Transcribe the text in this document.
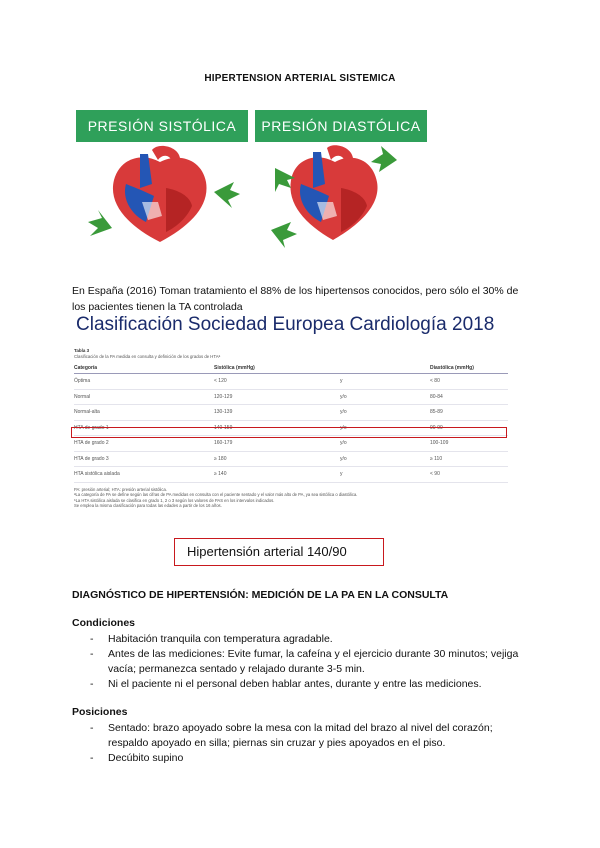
HIPERTENSION ARTERIAL SISTEMICA
PRESIÓN SISTÓLICA	PRESIÓN DIASTÓLICA
En España (2016) Toman tratamiento el 88% de los hipertensos conocidos, pero sólo el 30% de los pacientes tienen la TA controlada
Clasificación Sociedad Europea Cardiología 2018
Tabla 3
Clasificación de la PA medida en consulta y definición de los grados de HTAª
Categoría	Sistólica (mmHg)		Diastólica (mmHg)
Óptima	< 120	y	< 80
Normal	120-129	y/o	80-84
Normal-alta	130-139	y/o	85-89
HTA de grado 1	140-159	y/o	90-99
HTA de grado 2	160-179	y/o	100-109
HTA de grado 3	≥ 180	y/o	≥ 110
HTA sistólica aislada	≥ 140	y	< 90
PA: presión arterial; HTA: presión arterial sistólica.
ªLa categoría de PA se define según las cifras de PA medidas en consulta con el paciente sentado y el valor más alto de PA, ya sea sistólica o diastólica.
ᵇLa HTA sistólica aislada se clasifica en grado 1, 2 o 3 según los valores de PAS en los intervalos indicados.
Se emplea la misma clasificación para todas las edades a partir de los 16 años.
Hipertensión arterial 140/90
DIAGNÓSTICO DE HIPERTENSIÓN: MEDICIÓN DE LA PA EN LA CONSULTA
Condiciones
- Habitación tranquila con temperatura agradable.
- Antes de las mediciones: Evite fumar, la cafeína y el ejercicio durante 30 minutos; vejiga vacía; permanezca sentado y relajado durante 3-5 min.
- Ni el paciente ni el personal deben hablar antes, durante y entre las mediciones.
Posiciones
- Sentado: brazo apoyado sobre la mesa con la mitad del brazo al nivel del corazón; respaldo apoyado en silla; piernas sin cruzar y pies apoyados en el piso.
- Decúbito supino
